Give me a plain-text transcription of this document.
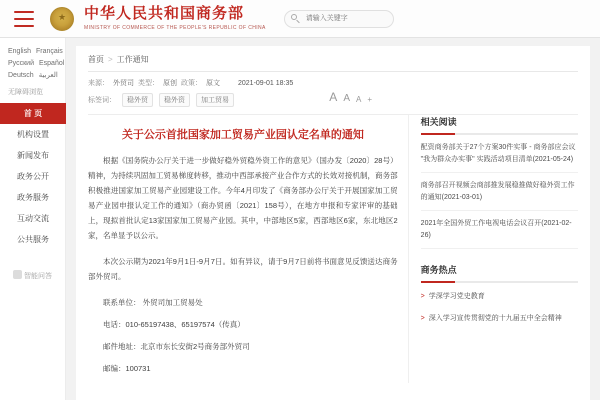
★ 中华人民共和国商务部
MINISTRY OF COMMERCE OF THE PEOPLE'S REPUBLIC OF CHINA
请输入关键字
English Français
Русский Español
Deutsch العربية
无障碍浏览
首 页
机构设置
新闻发布
政务公开
政务服务
互动交流
公共服务
智能问答
首页 > 工作通知
来源： 外贸司 类型： 原创 政策： 原文	2021-09-01 18:35
标签词：	稳外贸	稳外资	加工贸易	A A A +
关于公示首批国家加工贸易产业园认定名单的通知

根据《国务院办公厅关于进一步做好稳外贸稳外资工作的意见》（国办发〔2020〕28号）精神，为持续巩固加工贸易梯度转移，推动中西部承接产业合作方式的长效对接机制，商务部积极推进国家加工贸易产业园建设工作。今年4月印发了《商务部办公厅关于开展国家加工贸易产业园申报认定工作的通知》（商办贸函〔2021〕158号），在地方申报和专家评审的基础上，现拟首批认定13家国家加工贸易产业园。其中，中部地区5家，西部地区6家，东北地区2家，名单显予以公示。

本次公示期为2021年9月1日-9月7日。如有异议，请于9月7日前将书面意见反馈送达商务部外贸司。

联系单位： 外贸司加工贸易处
电话：010-65197438、65197574（传真）
邮件地址：北京市东长安街2号商务部外贸司
邮编：100731
相关阅读
配资商务部关于27个方案30件实事 - 商务部应会议 "我为群众办实事" 实践活动项目清单(2021-05-24)
商务部召开视频会商部推发展稳推做好稳外资工作的通知(2021-03-01)
2021年全国外贸工作电视电话会议召开(2021-02-26)
商务热点
> 学深学习党史教育
> 深入学习宣传贯彻党的十九届五中全会精神
